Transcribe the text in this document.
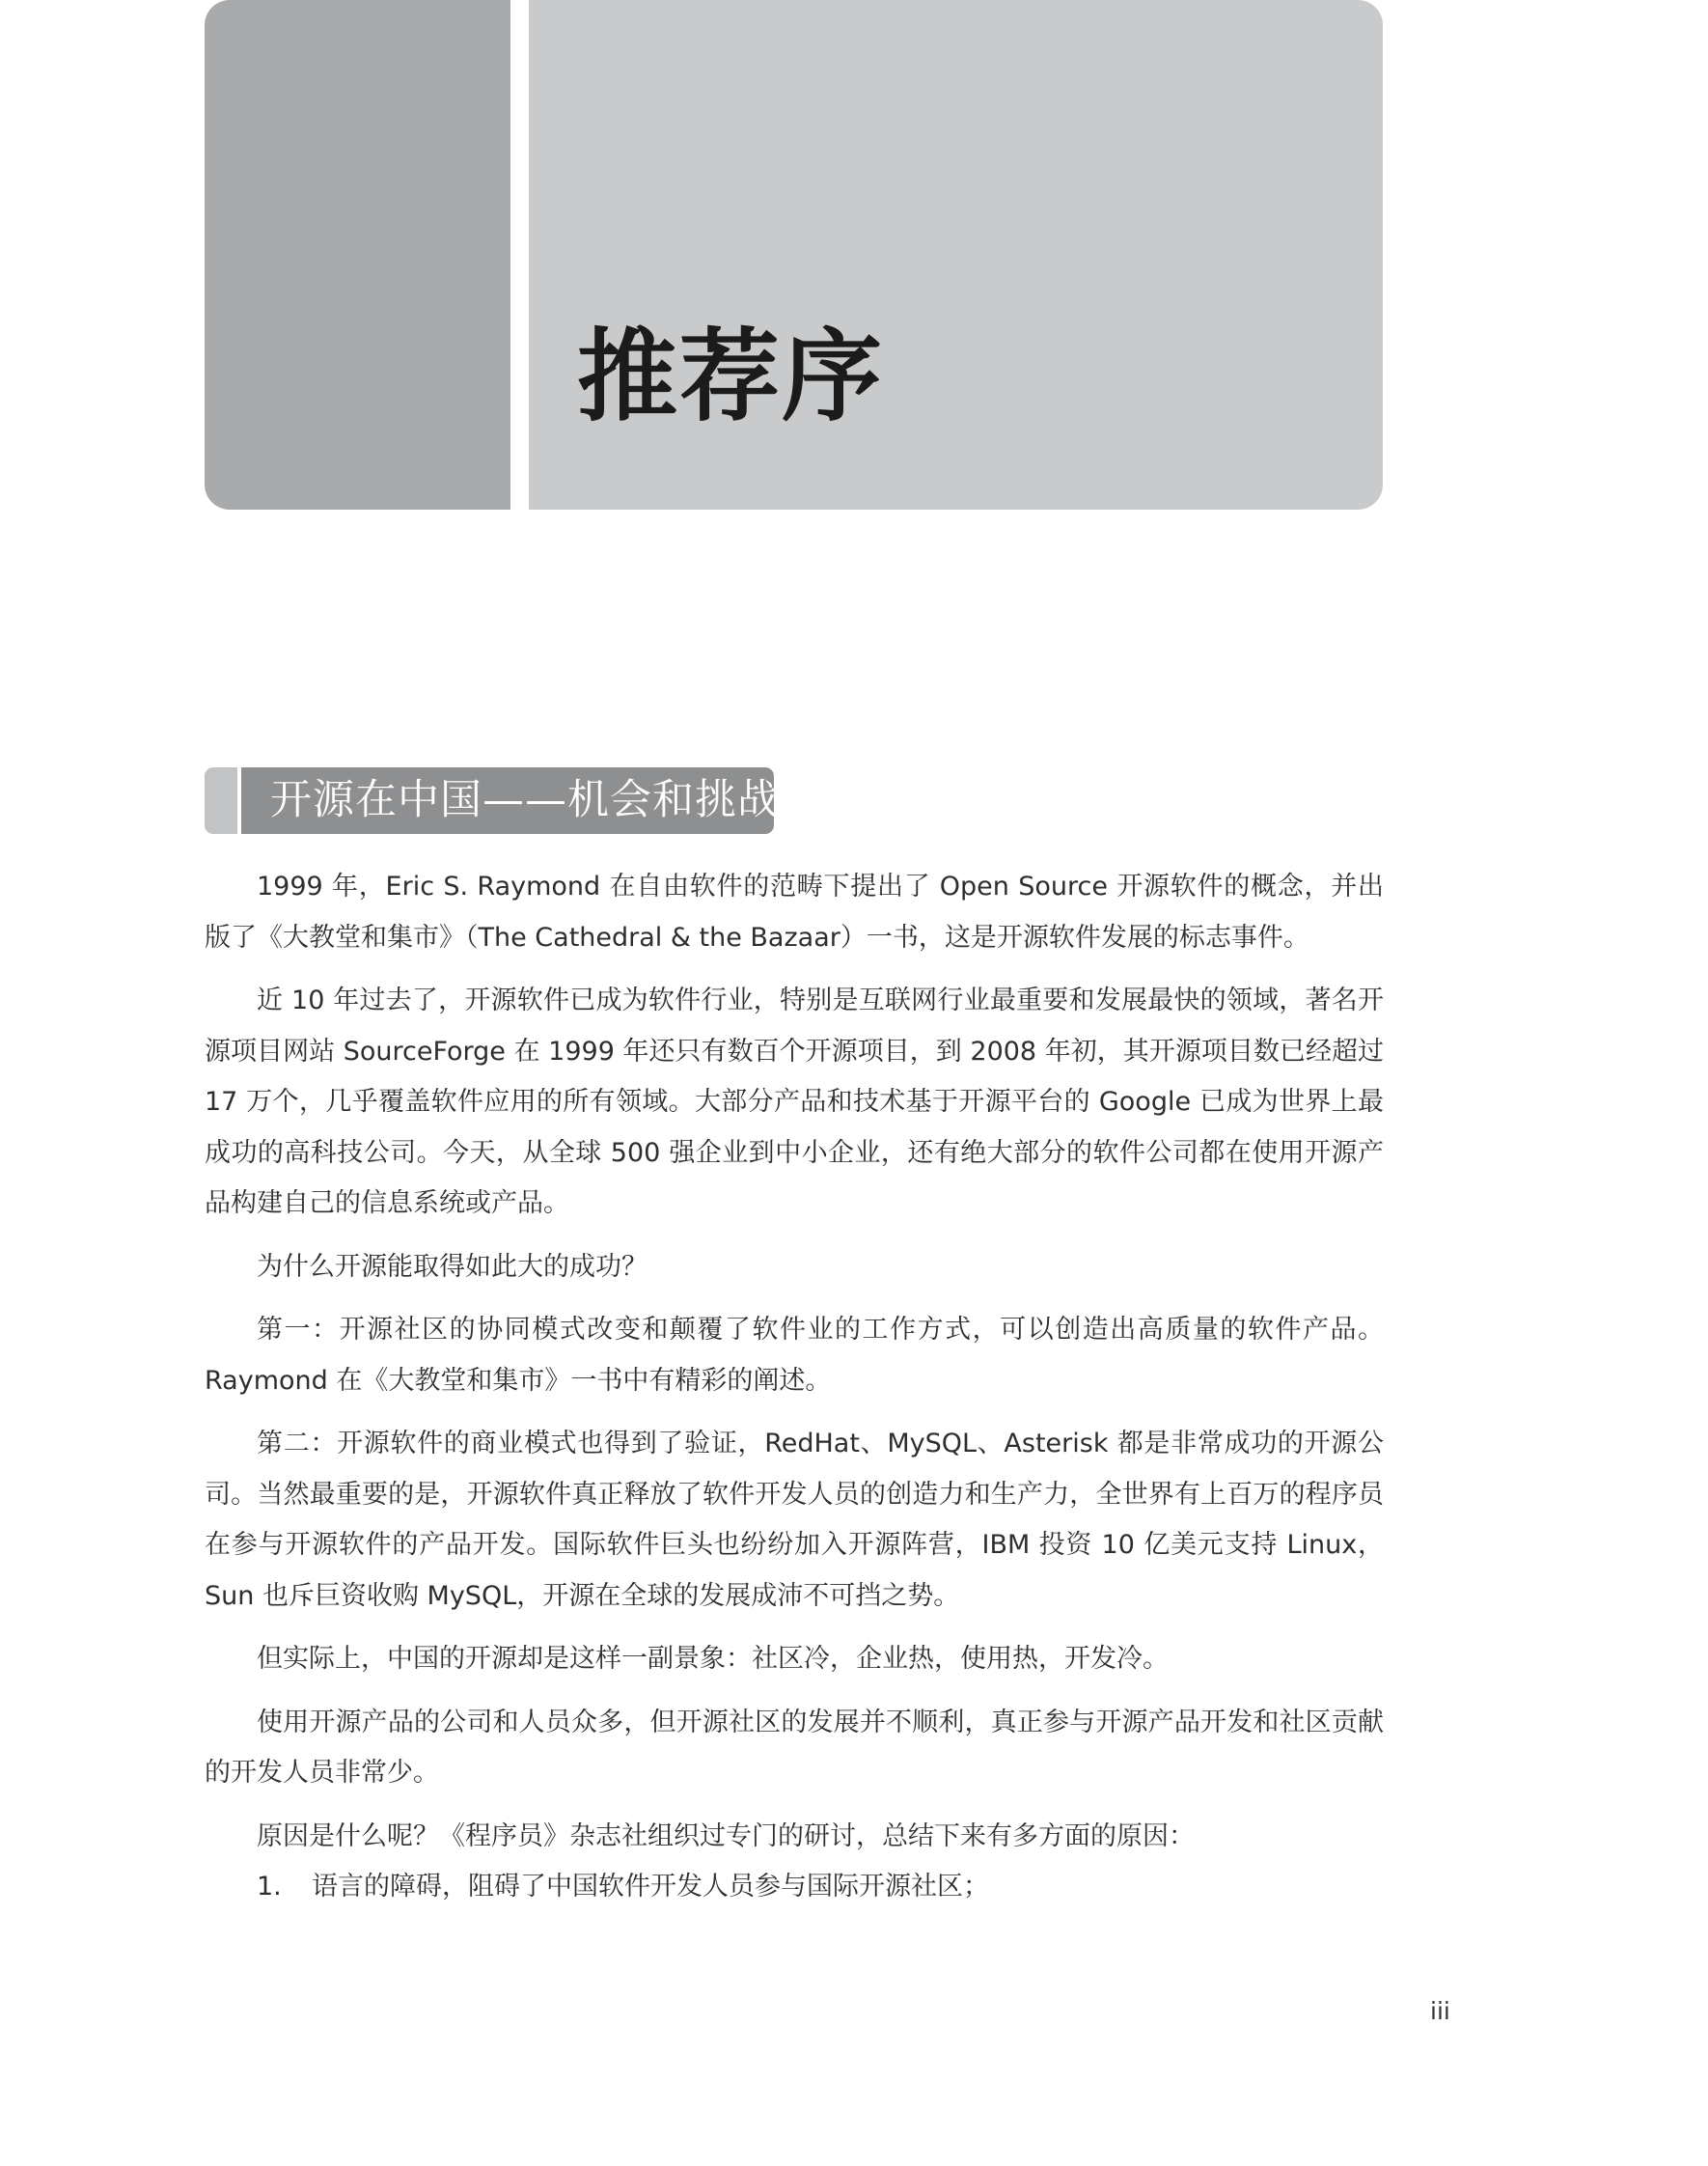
推荐序
开源在中国——机会和挑战

1999 年，Eric S. Raymond 在自由软件的范畴下提出了 Open Source 开源软件的概念，并出版了《大教堂和集市》（The Cathedral & the Bazaar）一书，这是开源软件发展的标志事件。

近 10 年过去了，开源软件已成为软件行业，特别是互联网行业最重要和发展最快的领域，著名开源项目网站 SourceForge 在 1999 年还只有数百个开源项目，到 2008 年初，其开源项目数已经超过 17 万个，几乎覆盖软件应用的所有领域。大部分产品和技术基于开源平台的 Google 已成为世界上最成功的高科技公司。今天，从全球 500 强企业到中小企业，还有绝大部分的软件公司都在使用开源产品构建自己的信息系统或产品。

为什么开源能取得如此大的成功？

第一：开源社区的协同模式改变和颠覆了软件业的工作方式，可以创造出高质量的软件产品。Raymond 在《大教堂和集市》一书中有精彩的阐述。

第二：开源软件的商业模式也得到了验证，RedHat、MySQL、Asterisk 都是非常成功的开源公司。当然最重要的是，开源软件真正释放了软件开发人员的创造力和生产力，全世界有上百万的程序员在参与开源软件的产品开发。国际软件巨头也纷纷加入开源阵营，IBM 投资 10 亿美元支持 Linux，Sun 也斥巨资收购 MySQL，开源在全球的发展成沛不可挡之势。

但实际上，中国的开源却是这样一副景象：社区冷，企业热，使用热，开发冷。

使用开源产品的公司和人员众多，但开源社区的发展并不顺利，真正参与开源产品开发和社区贡献的开发人员非常少。

原因是什么呢？《程序员》杂志社组织过专门的研讨，总结下来有多方面的原因：

1. 语言的障碍，阻碍了中国软件开发人员参与国际开源社区；

iii
